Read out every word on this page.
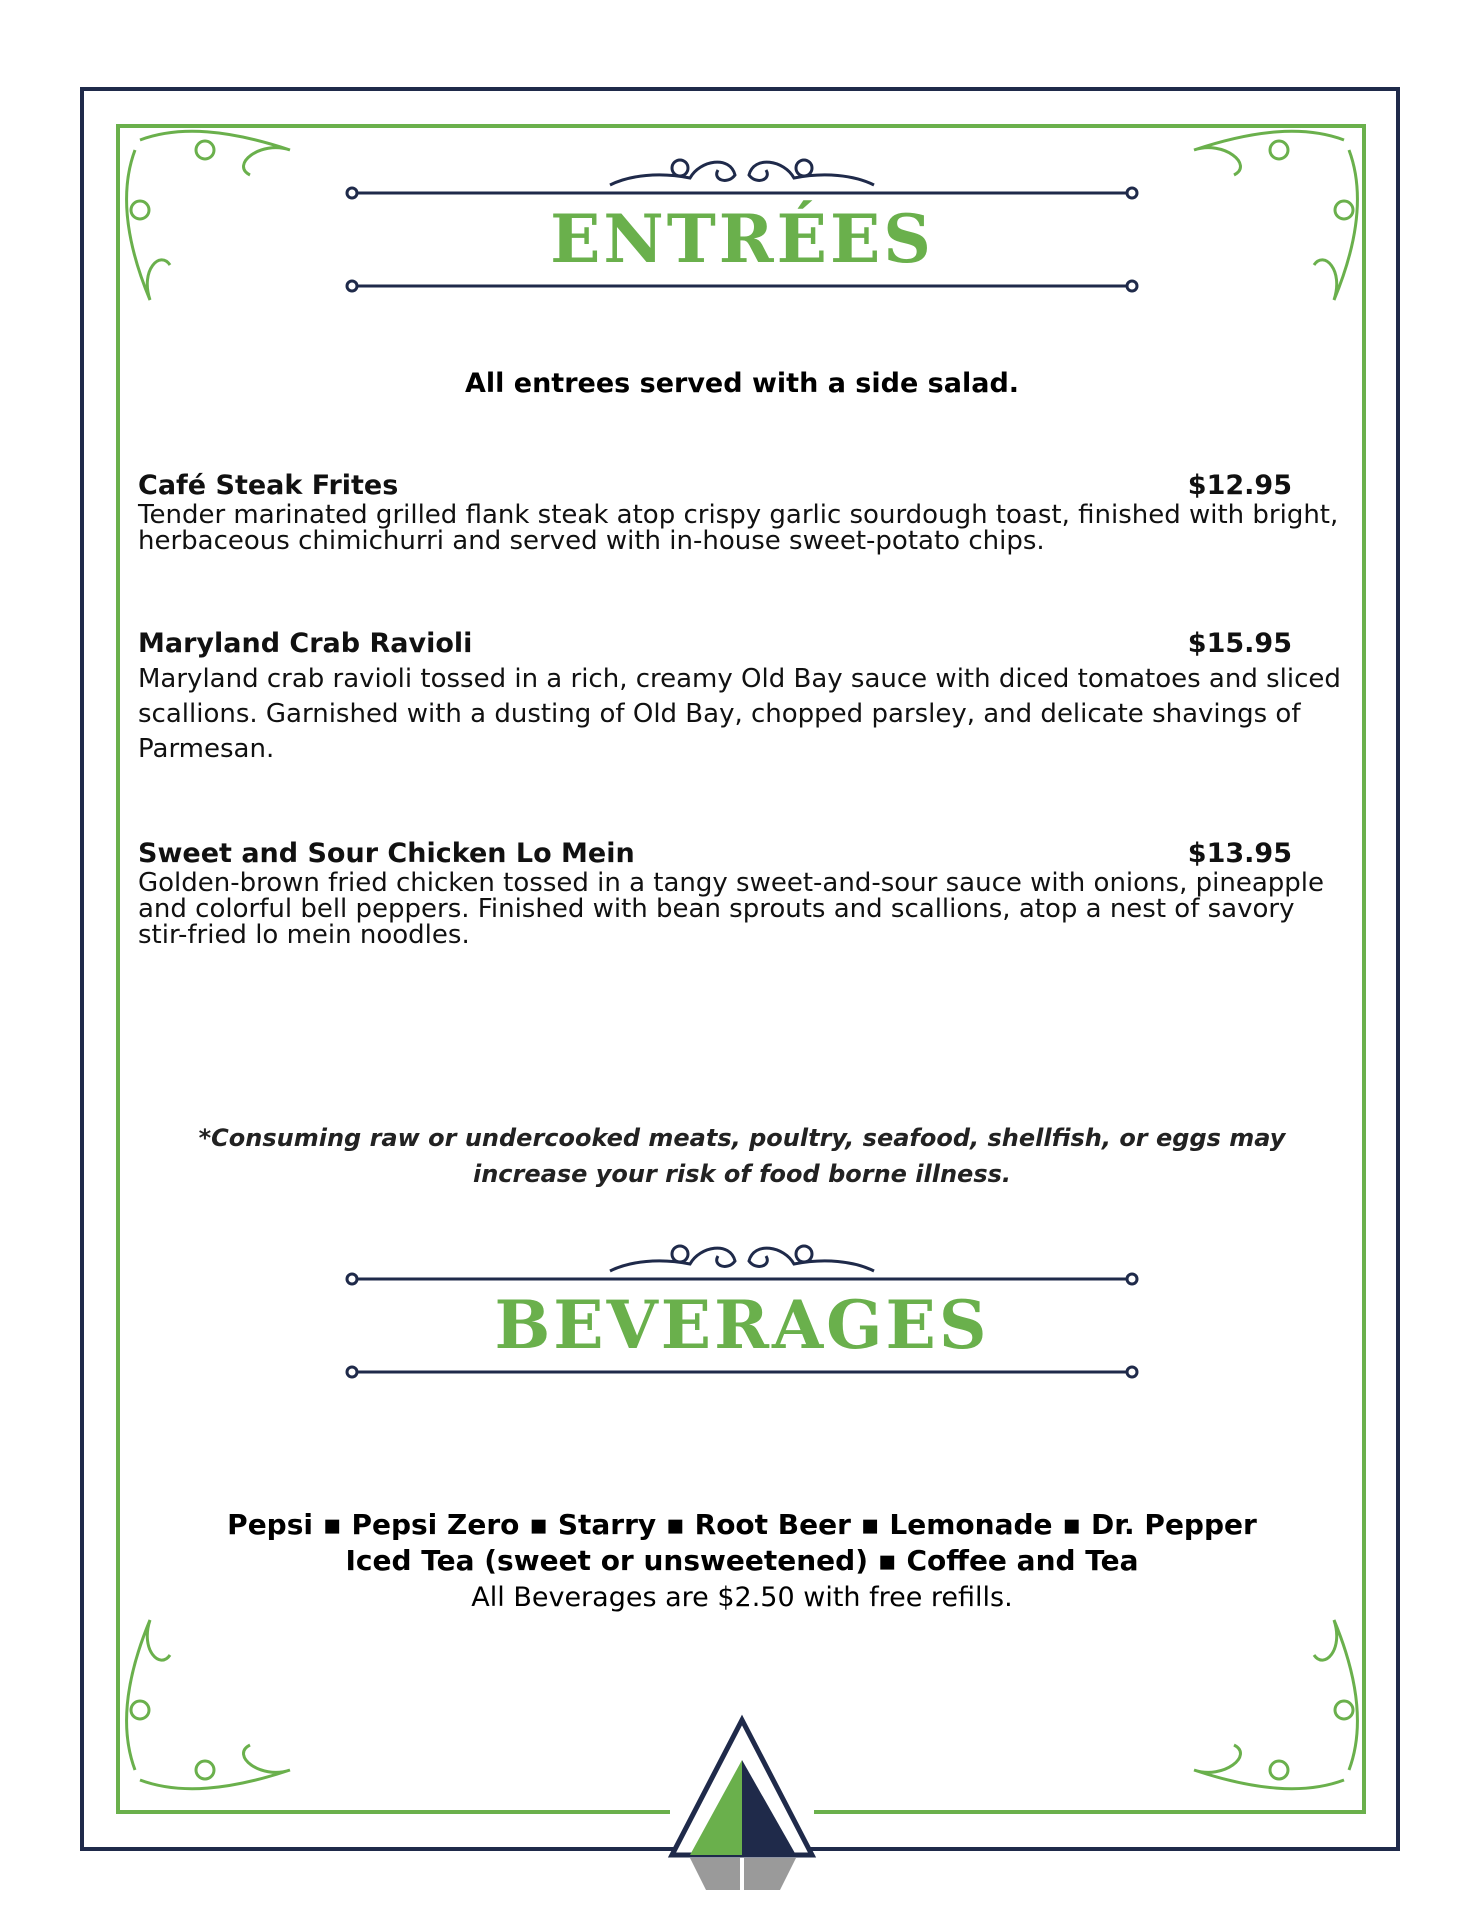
ENTRÉES
All entrees served with a side salad.
Café Steak Frites	$12.95
Tender marinated grilled flank steak atop crispy garlic sourdough toast, finished with bright, herbaceous chimichurri and served with in-house sweet-potato chips.
Maryland Crab Ravioli	$15.95
Maryland crab ravioli tossed in a rich, creamy Old Bay sauce with diced tomatoes and sliced scallions. Garnished with a dusting of Old Bay, chopped parsley, and delicate shavings of Parmesan.
Sweet and Sour Chicken Lo Mein	$13.95
Golden-brown fried chicken tossed in a tangy sweet-and-sour sauce with onions, pineapple and colorful bell peppers. Finished with bean sprouts and scallions, atop a nest of savory stir-fried lo mein noodles.
*Consuming raw or undercooked meats, poultry, seafood, shellfish, or eggs may increase your risk of food borne illness.
BEVERAGES
Pepsi ▪ Pepsi Zero ▪ Starry ▪ Root Beer ▪ Lemonade ▪ Dr. Pepper
Iced Tea (sweet or unsweetened) ▪ Coffee and Tea
All Beverages are $2.50 with free refills.
